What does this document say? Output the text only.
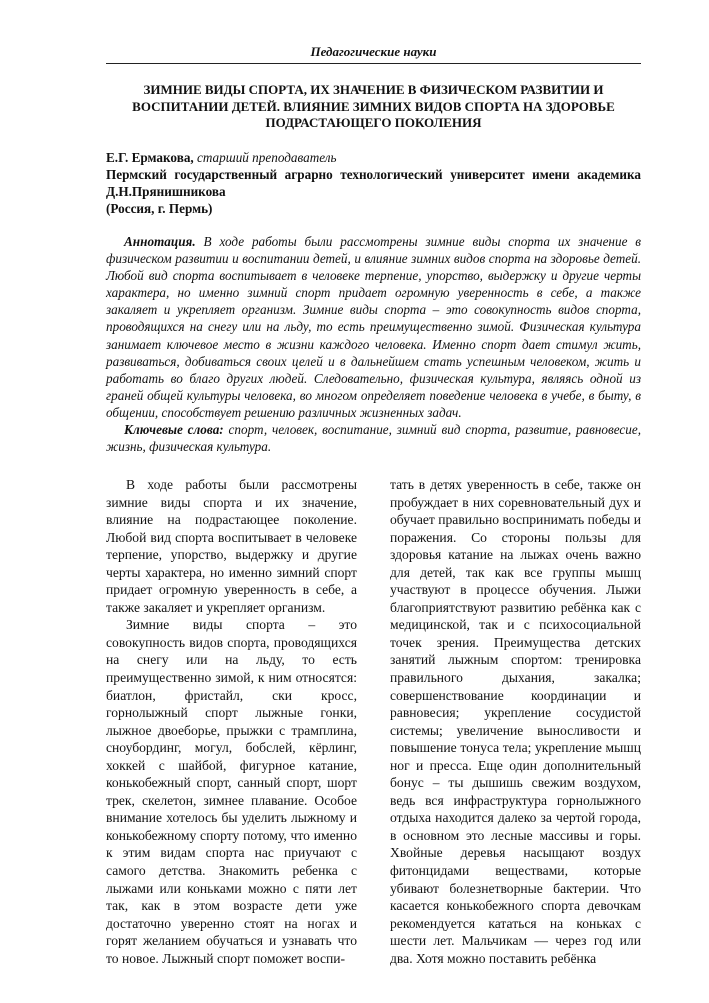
Педагогические науки
ЗИМНИЕ ВИДЫ СПОРТА, ИХ ЗНАЧЕНИЕ В ФИЗИЧЕСКОМ РАЗВИТИИ И ВОСПИТАНИИ ДЕТЕЙ. ВЛИЯНИЕ ЗИМНИХ ВИДОВ СПОРТА НА ЗДОРОВЬЕ ПОДРАСТАЮЩЕГО ПОКОЛЕНИЯ
Е.Г. Ермакова, старший преподаватель
Пермский государственный аграрно технологический университет имени академика Д.Н.Прянишникова
(Россия, г. Пермь)

Аннотация. В ходе работы были рассмотрены зимние виды спорта их значение в физическом развитии и воспитании детей, и влияние зимних видов спорта на здоровье детей. Любой вид спорта воспитывает в человеке терпение, упорство, выдержку и другие черты характера, но именно зимний спорт придает огромную уверенность в себе, а также закаляет и укрепляет организм. Зимние виды спорта – это совокупность видов спорта, проводящихся на снегу или на льду, то есть преимущественно зимой. Физическая культура занимает ключевое место в жизни каждого человека. Именно спорт дает стимул жить, развиваться, добиваться своих целей и в дальнейшем стать успешным человеком, жить и работать во благо других людей. Следовательно, физическая культура, являясь одной из граней общей культуры человека, во многом определяет поведение человека в учебе, в быту, в общении, способствует решению различных жизненных задач.

Ключевые слова: спорт, человек, воспитание, зимний вид спорта, развитие, равновесие, жизнь, физическая культура.

В ходе работы были рассмотрены зимние виды спорта и их значение, влияние на подрастающее поколение. Любой вид спорта воспитывает в человеке терпение, упорство, выдержку и другие черты характера, но именно зимний спорт придает огромную уверенность в себе, а также закаляет и укрепляет организм.

Зимние виды спорта – это совокупность видов спорта, проводящихся на снегу или на льду, то есть преимущественно зимой, к ним относятся: биатлон, фристайл, ски кросс, горнолыжный спорт лыжные гонки, лыжное двоеборье, прыжки с трамплина, сноубординг, могул, бобслей, кёрлинг, хоккей с шайбой, фигурное катание, конькобежный спорт, санный спорт, шорт трек, скелетон, зимнее плавание. Особое внимание хотелось бы уделить лыжному и конькобежному спорту потому, что именно к этим видам спорта нас приучают с самого детства. Знакомить ребенка с лыжами или коньками можно с пяти лет так, как в этом возрасте дети уже достаточно уверенно стоят на ногах и горят желанием обучаться и узнавать что то новое. Лыжный спорт поможет воспи-

тать в детях уверенность в себе, также он пробуждает в них соревновательный дух и обучает правильно воспринимать победы и поражения. Со стороны пользы для здоровья катание на лыжах очень важно для детей, так как все группы мышц участвуют в процессе обучения. Лыжи благоприятствуют развитию ребёнка как с медицинской, так и с психосоциальной точек зрения. Преимущества детских занятий лыжным спортом: тренировка правильного дыхания, закалка; совершенствование координации и равновесия; укрепление сосудистой системы; увеличение выносливости и повышение тонуса тела; укрепление мышц ног и пресса. Еще один дополнительный бонус – ты дышишь свежим воздухом, ведь вся инфраструктура горнолыжного отдыха находится далеко за чертой города, в основном это лесные массивы и горы. Хвойные деревья насыщают воздух фитонцидами веществами, которые убивают болезнетворные бактерии. Что касается конькобежного спорта девочкам рекомендуется кататься на коньках с шести лет. Мальчикам — через год или два. Хотя можно поставить ребёнка
